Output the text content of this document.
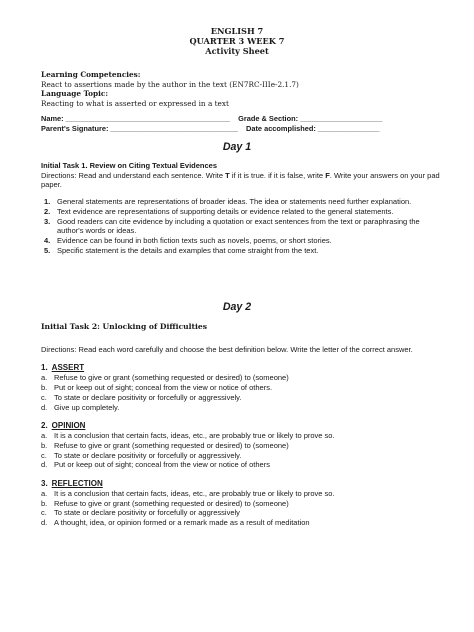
ENGLISH 7
QUARTER 3 WEEK 7
Activity Sheet
Learning Competencies:
React to assertions made by the author in the text (EN7RC-IIIe-2.1.7)
Language Topic:
Reacting to what is asserted or expressed in a text
Name: ________________________________________ Grade & Section: ____________________
Parent's Signature: _______________________________ Date accomplished: _______________
Day 1
Initial Task 1. Review on Citing Textual Evidences
Directions: Read and understand each sentence. Write T if it is true. if it is false, write F. Write your answers on your pad paper.
1. General statements are representations of broader ideas. The idea or statements need further explanation.
2. Text evidence are representations of supporting details or evidence related to the general statements.
3. Good readers can cite evidence by including a quotation or exact sentences from the text or paraphrasing the author's words or ideas.
4. Evidence can be found in both fiction texts such as novels, poems, or short stories.
5. Specific statement is the details and examples that come straight from the text.
Day 2
Initial Task 2: Unlocking of Difficulties
Directions: Read each word carefully and choose the best definition below. Write the letter of the correct answer.
1. ASSERT
a. Refuse to give or grant (something requested or desired) to (someone)
b. Put or keep out of sight; conceal from the view or notice of others.
c. To state or declare positivity or forcefully or aggressively.
d. Give up completely.
2. OPINION
a. It is a conclusion that certain facts, ideas, etc., are probably true or likely to prove so.
b. Refuse to give or grant (something requested or desired) to (someone)
c. To state or declare positivity or forcefully or aggressively.
d. Put or keep out of sight; conceal from the view or notice of others
3. REFLECTION
a. It is a conclusion that certain facts, ideas, etc., are probably true or likely to prove so.
b. Refuse to give or grant (something requested or desired) to (someone)
c. To state or declare positivity or forcefully or aggressively
d. A thought, idea, or opinion formed or a remark made as a result of meditation
